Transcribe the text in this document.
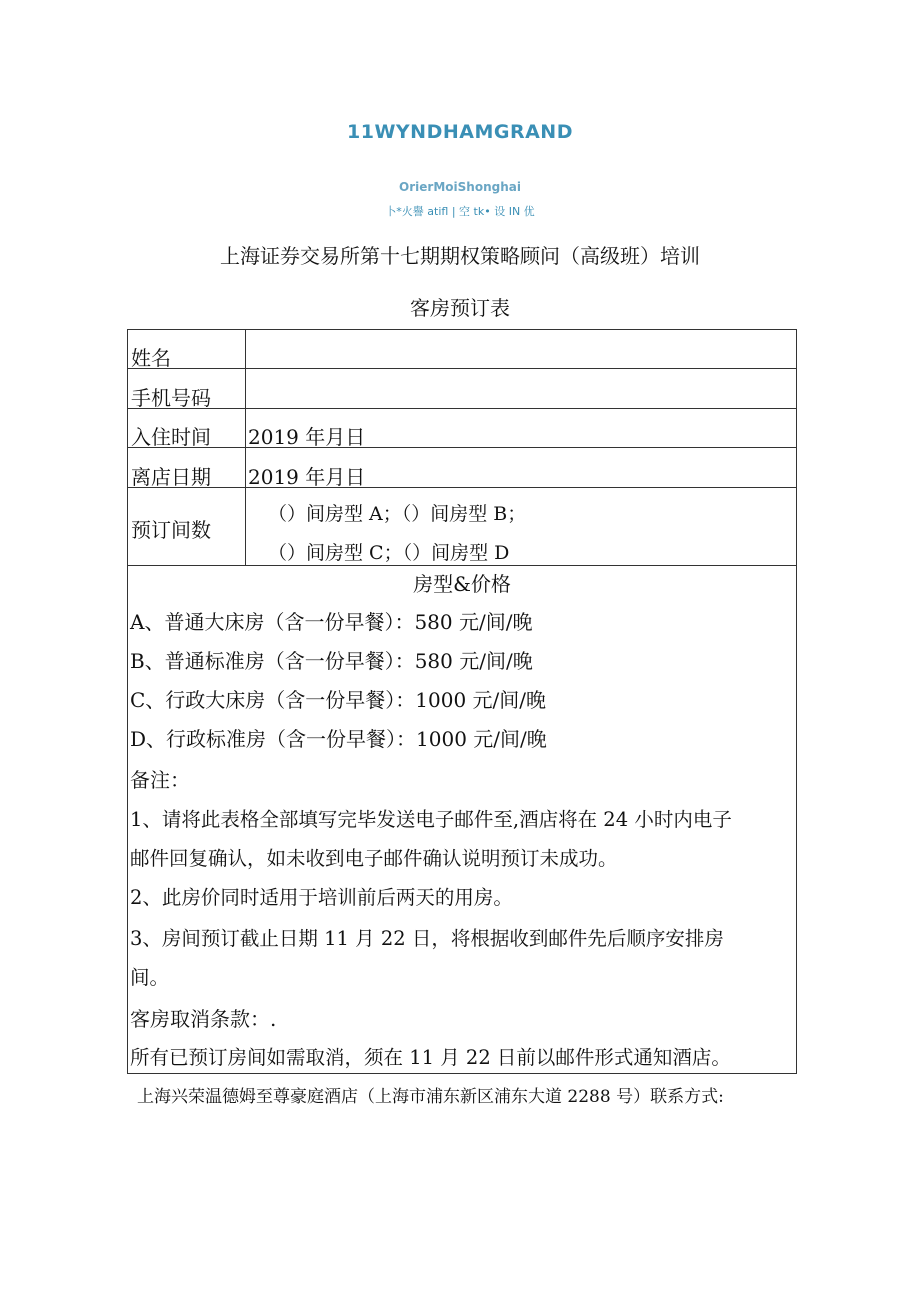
11WYNDHAMGRAND
OrierMoiShonghai
卜*火譽 atifl | 空 tk• 设 IN 优
上海证券交易所第十七期期权策略顾问（高级班）培训
客房预订表
姓名
手机号码
入住时间 2019 年月日
离店日期 2019 年月日
预订间数
（）间房型 A；（）间房型 B；
（）间房型 C；（）间房型 D
房型&价格
A、普通大床房（含一份早餐）：580 元/间/晚
B、普通标准房（含一份早餐）：580 元/间/晚
C、行政大床房（含一份早餐）：1000 元/间/晚
D、行政标准房（含一份早餐）：1000 元/间/晚
备注：
1、请将此表格全部填写完毕发送电子邮件至,酒店将在 24 小时内电子
邮件回复确认，如未收到电子邮件确认说明预订未成功。
2、此房价同时适用于培训前后两天的用房。
3、房间预订截止日期 11 月 22 日，将根据收到邮件先后顺序安排房
间。
客房取消条款：.
所有已预订房间如需取消，须在 11 月 22 日前以邮件形式通知酒店。
上海兴荣温德姆至尊豪庭酒店（上海市浦东新区浦东大道 2288 号）联系方式:
